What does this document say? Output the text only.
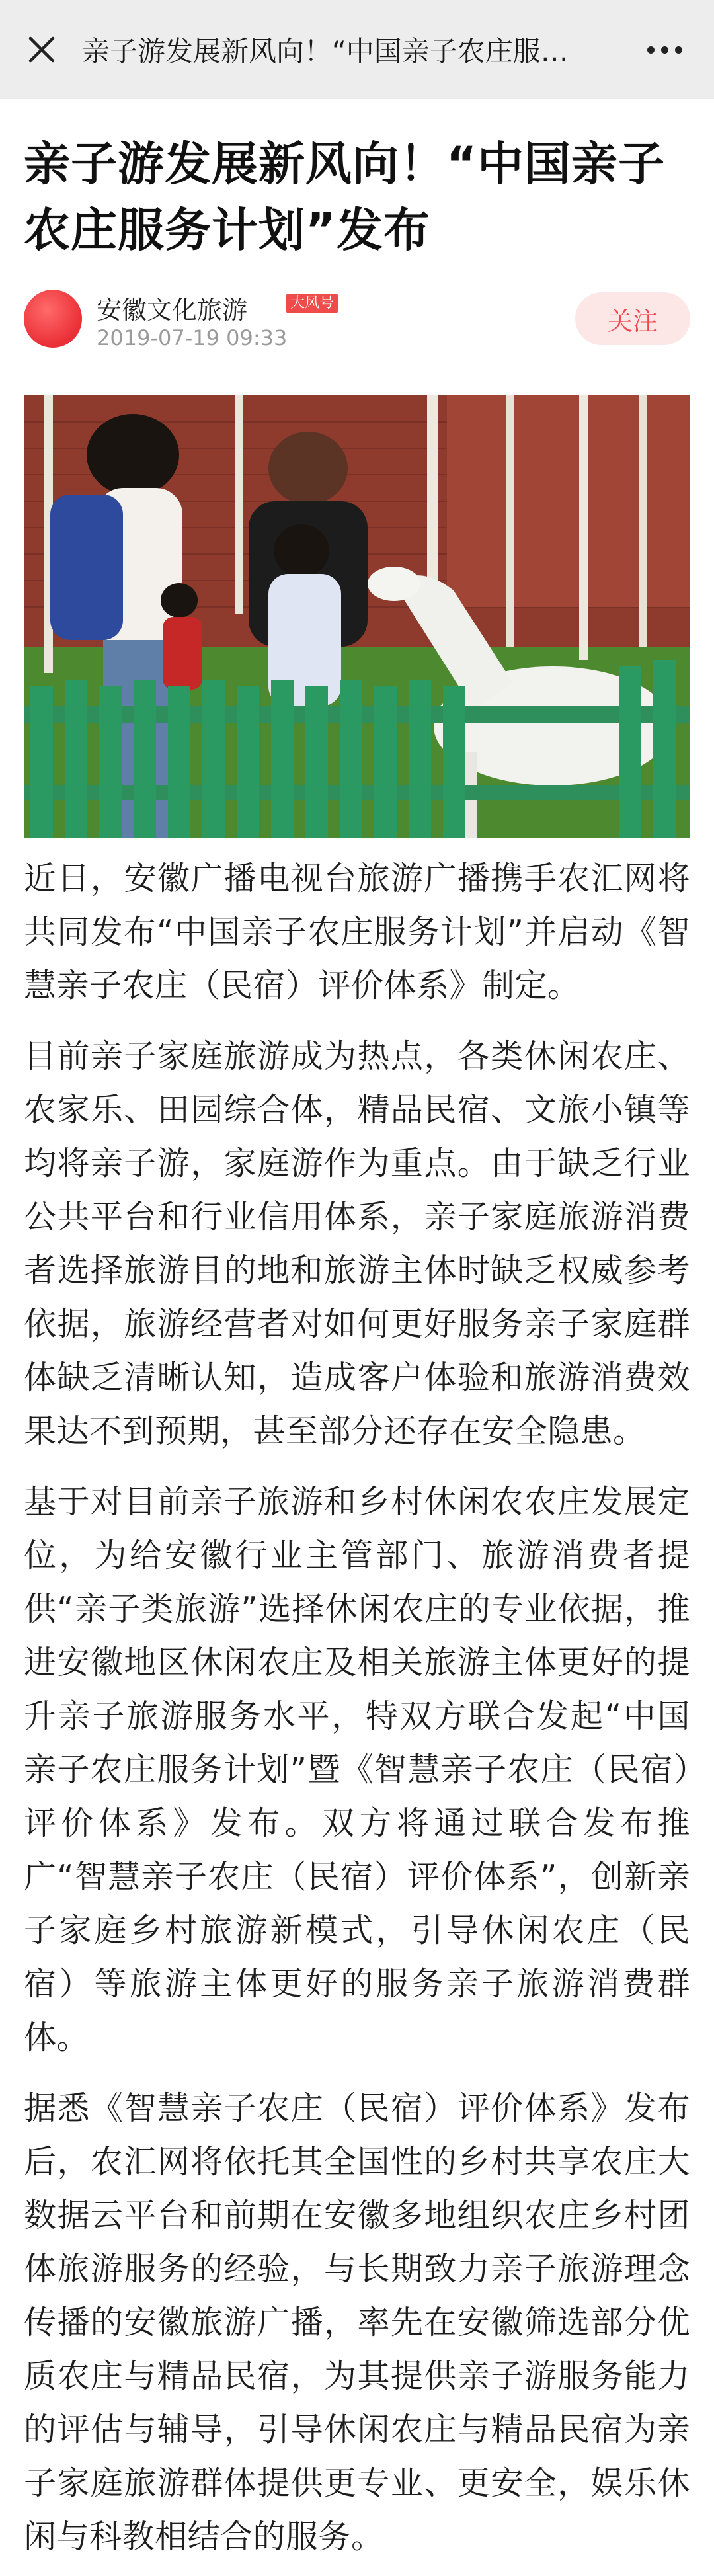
亲子游发展新风向！“中国亲子农庄服…
亲子游发展新风向！“中国亲子农庄服务计划”发布
安徽文化旅游	大风号
2019-07-19 09:33
关注

近日，安徽广播电视台旅游广播携手农汇网将共同发布“中国亲子农庄服务计划”并启动《智慧亲子农庄（民宿）评价体系》制定。

目前亲子家庭旅游成为热点，各类休闲农庄、农家乐、田园综合体，精品民宿、文旅小镇等均将亲子游，家庭游作为重点。由于缺乏行业公共平台和行业信用体系，亲子家庭旅游消费者选择旅游目的地和旅游主体时缺乏权威参考依据，旅游经营者对如何更好服务亲子家庭群体缺乏清晰认知，造成客户体验和旅游消费效果达不到预期，甚至部分还存在安全隐患。

基于对目前亲子旅游和乡村休闲农农庄发展定位，为给安徽行业主管部门、旅游消费者提供“亲子类旅游”选择休闲农庄的专业依据，推进安徽地区休闲农庄及相关旅游主体更好的提升亲子旅游服务水平，特双方联合发起“中国亲子农庄服务计划”暨《智慧亲子农庄（民宿）评价体系》发布。双方将通过联合发布推广“智慧亲子农庄（民宿）评价体系”，创新亲子家庭乡村旅游新模式，引导休闲农庄（民宿）等旅游主体更好的服务亲子旅游消费群体。

据悉《智慧亲子农庄（民宿）评价体系》发布后，农汇网将依托其全国性的乡村共享农庄大数据云平台和前期在安徽多地组织农庄乡村团体旅游服务的经验，与长期致力亲子旅游理念传播的安徽旅游广播，率先在安徽筛选部分优质农庄与精品民宿，为其提供亲子游服务能力的评估与辅导，引导休闲农庄与精品民宿为亲子家庭旅游群体提供更专业、更安全，娱乐休闲与科教相结合的服务。
